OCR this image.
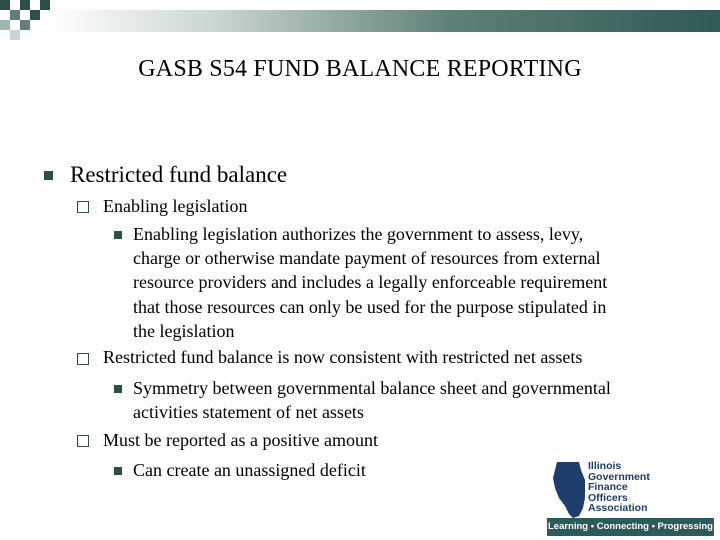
GASB S54 FUND BALANCE REPORTING
Restricted fund balance
Enabling legislation
Enabling legislation authorizes the government to assess, levy,
charge or otherwise mandate payment of resources from external
resource providers and includes a legally enforceable requirement
that those resources can only be used for the purpose stipulated in
the legislation
Restricted fund balance is now consistent with restricted net assets
Symmetry between governmental balance sheet and governmental
activities statement of net assets
Must be reported as a positive amount
Can create an unassigned deficit	Illinois
Government
Finance
Officers
Association
Learning • Connecting • Progressing
